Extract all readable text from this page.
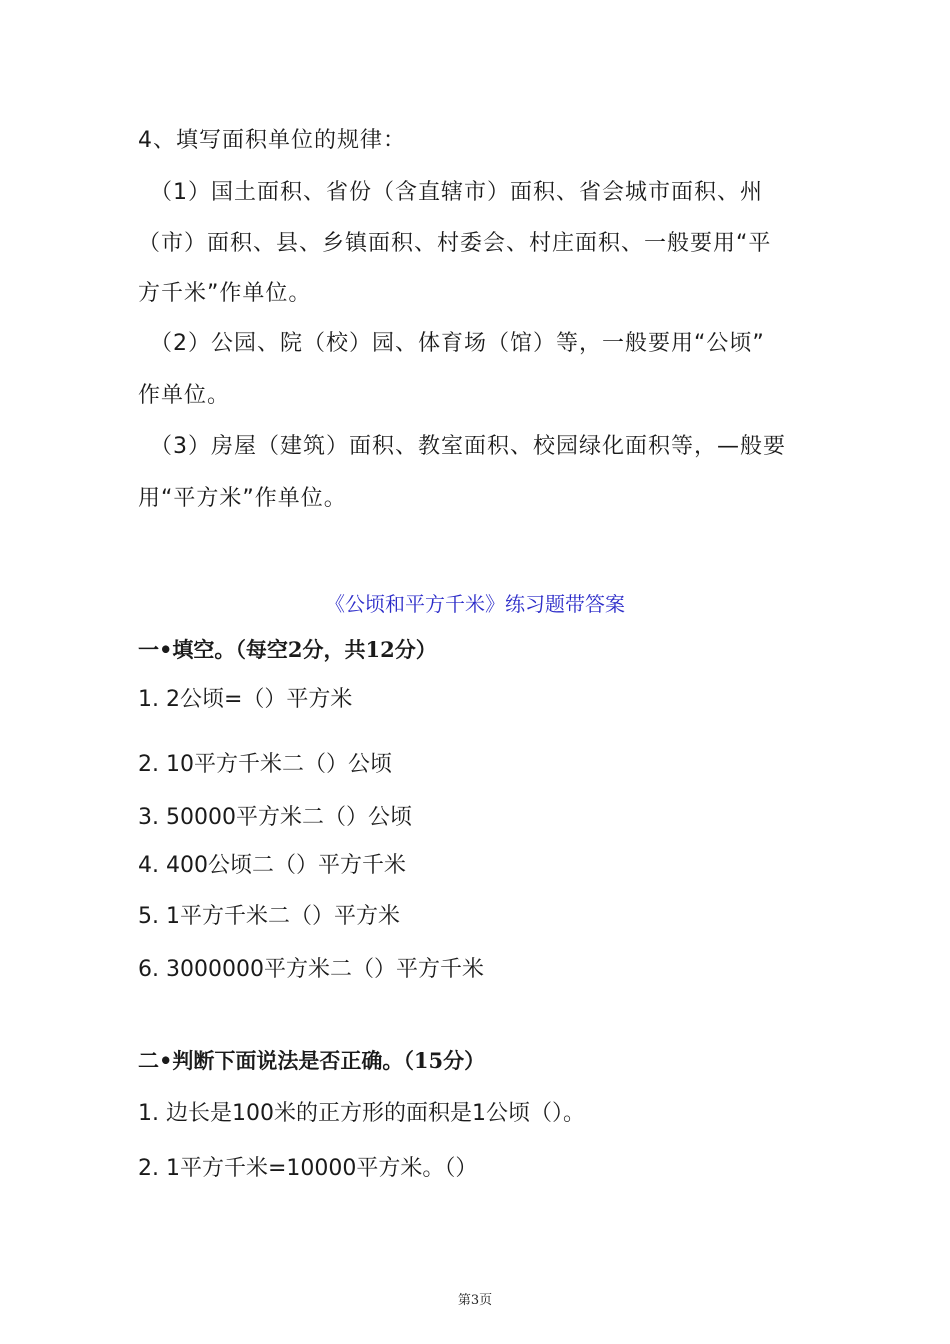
4、填写面积单位的规律：
（1）国土面积、省份（含直辖市）面积、省会城市面积、州
（市）面积、县、乡镇面积、村委会、村庄面积、一般要用“平
方千米”作单位。
（2）公园、院（校）园、体育场（馆）等，一般要用“公顷”
作单位。
（3）房屋（建筑）面积、教室面积、校园绿化面积等，—般要
用“平方米”作单位。
《公顷和平方千米》练习题带答案
一•填空。（每空2分，共12分）
1. 2公顷=（）平方米
2. 10平方千米二（）公顷
3. 50000平方米二（）公顷
4. 400公顷二（）平方千米
5. 1平方千米二（）平方米
6. 3000000平方米二（）平方千米
二•判断下面说法是否正确。（15分）
1. 边长是100米的正方形的面积是1公顷（）。
2. 1平方千米=10000平方米。（）
第3页
